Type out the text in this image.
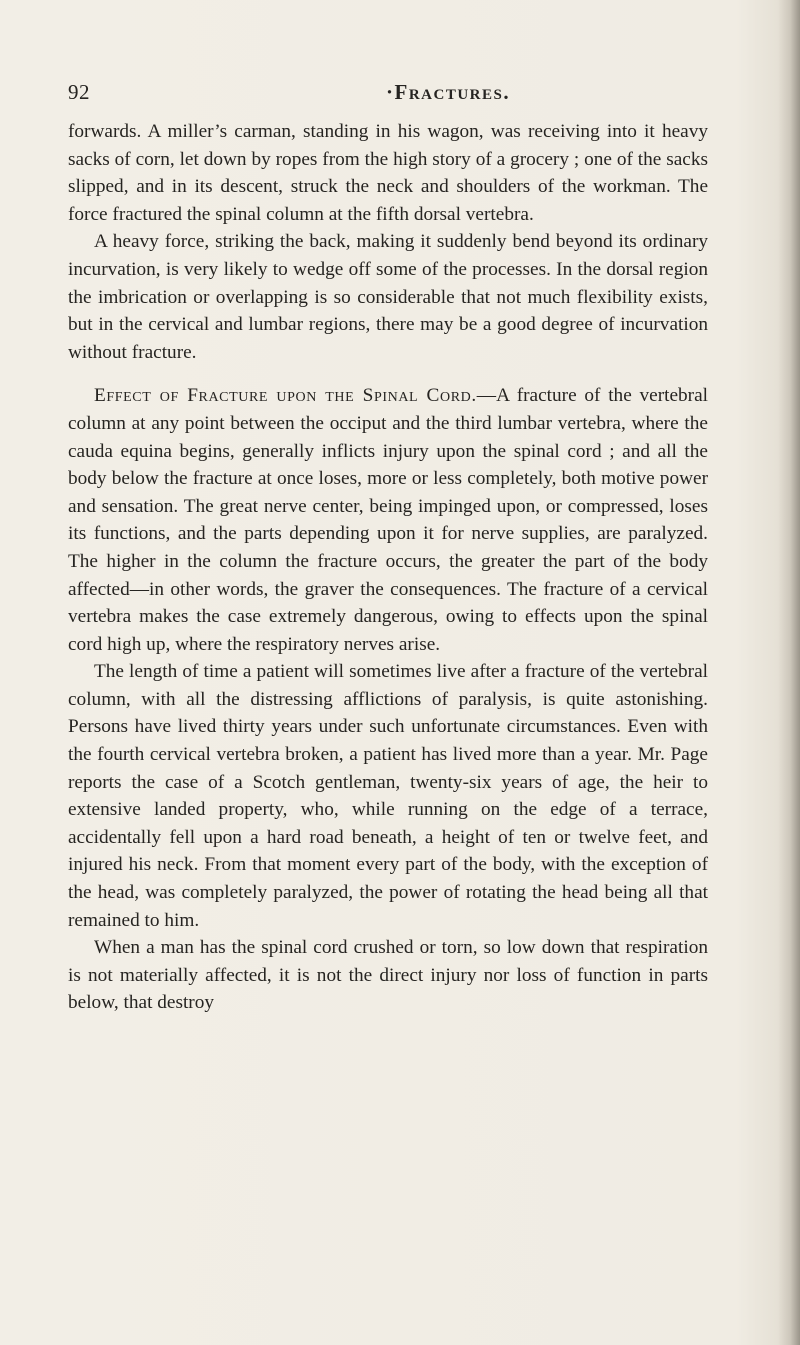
92	·Fractures.

forwards. A miller’s carman, standing in his wagon, was receiving into it heavy sacks of corn, let down by ropes from the high story of a grocery ; one of the sacks slipped, and in its descent, struck the neck and shoulders of the workman. The force fractured the spinal column at the fifth dorsal vertebra.

A heavy force, striking the back, making it suddenly bend beyond its ordinary incurvation, is very likely to wedge off some of the processes. In the dorsal region the imbrication or overlapping is so considerable that not much flexibility exists, but in the cervical and lumbar regions, there may be a good degree of incurvation without fracture.

Effect of Fracture upon the Spinal Cord.—A fracture of the vertebral column at any point between the occiput and the third lumbar vertebra, where the cauda equina begins, generally inflicts injury upon the spinal cord ; and all the body below the fracture at once loses, more or less completely, both motive power and sensation. The great nerve center, being impinged upon, or compressed, loses its functions, and the parts depending upon it for nerve supplies, are paralyzed. The higher in the column the fracture occurs, the greater the part of the body affected—in other words, the graver the consequences. The fracture of a cervical vertebra makes the case extremely dangerous, owing to effects upon the spinal cord high up, where the respiratory nerves arise.

The length of time a patient will sometimes live after a fracture of the vertebral column, with all the distressing afflictions of paralysis, is quite astonishing. Persons have lived thirty years under such unfortunate circumstances. Even with the fourth cervical vertebra broken, a patient has lived more than a year. Mr. Page reports the case of a Scotch gentleman, twenty-six years of age, the heir to extensive landed property, who, while running on the edge of a terrace, accidentally fell upon a hard road beneath, a height of ten or twelve feet, and injured his neck. From that moment every part of the body, with the exception of the head, was completely paralyzed, the power of rotating the head being all that remained to him.

When a man has the spinal cord crushed or torn, so low down that respiration is not materially affected, it is not the direct injury nor loss of function in parts below, that destroy
